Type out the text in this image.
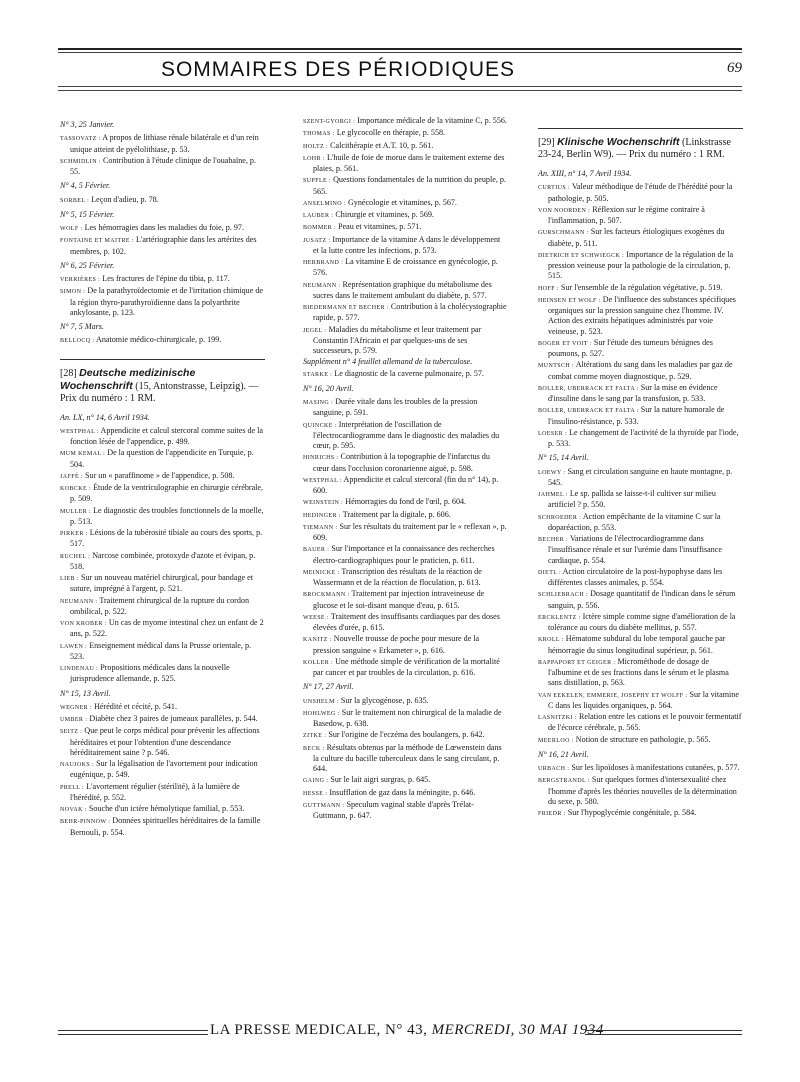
SOMMAIRES DES PÉRIODIQUES	69
N° 3, 25 Janvier.
TASSOVATZ : A propos de lithiase rénale bilatérale et d'un rein unique atteint de pyélolithiase, p. 53.
SCHMIDLIN : Contribution à l'étude clinique de l'ouabaïne, p. 55.
N° 4, 5 Février.
SORBEL : Leçon d'adieu, p. 78.
N° 5, 15 Février.
WOLF : Les hémorragies dans les maladies du foie, p. 97.
FONTAINE ET MAITRE : L'artériographie dans les artérites des membres, p. 102.
N° 6, 25 Février.
VERRIÈRES : Les fractures de l'épine du tibia, p. 117.
SIMON : De la parathyroïdectomie et de l'irritation chimique de la région thyro-parathyroïdienne dans la polyarthrite ankylosante, p. 123.
N° 7, 5 Mars.
BELLOCQ : Anatomie médico-chirurgicale, p. 199.
[28] Deutsche medizinische Wochenschrift (15, Antonstrasse, Leipzig). — Prix du numéro : 1 RM.
An. LX, n° 14, 6 Avril 1934.
WESTPHAL : Appendicite et calcul stercoral comme suites de la fonction lésée de l'appendice, p. 499.
MUM KEMAL : De la question de l'appendicite en Turquie, p. 504.
JAFFÉ : Sur un « paraffinome » de l'appendice, p. 508.
KOBCKE : Étude de la ventriculographie en chirurgie cérébrale, p. 509.
MULLER : Le diagnostic des troubles fonctionnels de la moelle, p. 513.
PIRKER : Lésions de la tubérosité tibiale au cours des sports, p. 517.
RUCHEL : Narcose combinée, protoxyde d'azote et évipan, p. 518.
LIEB : Sur un nouveau matériel chirurgical, pour bandage et suture, imprégné à l'argent, p. 521.
NEUMANN : Traitement chirurgical de la rupture du cordon ombilical, p. 522.
VON KROBER : Un cas de myome intestinal chez un enfant de 2 ans, p. 522.
LAWEN : Enseignement médical dans la Prusse orientale, p. 523.
LINDENAU : Propositions médicales dans la nouvelle jurisprudence allemande, p. 525.
N° 15, 13 Avril.
WEGNER : Hérédité et cécité, p. 541.
UMBER : Diabète chez 3 paires de jumeaux parallèles, p. 544.
SEITZ : Que peut le corps médical pour prévenir les affections héréditaires et pour l'obtention d'une descendance héréditairement saine ? p. 546.
NAUJOKS : Sur la légalisation de l'avortement pour indication eugénique, p. 549.
PRELL : L'avortement régulier (stérilité), à la lumière de l'hérédité, p. 552.
NOVAK : Souche d'un ictère hémolytique familial, p. 553.
BEHR-PINNOW : Données spirituelles héréditaires de la famille Bernouli, p. 554.
SZENT-GYORGI : Importance médicale de la vitamine C, p. 556.
THOMAS : Le glycocolle en thérapie, p. 558.
HOLTZ : Calcithérapie et A.T. 10, p. 561.
LOHR : L'huile de foie de morue dans le traitement externe des plaies, p. 561.
SUPFLE : Questions fondamentales de la nutrition du peuple, p. 565.
ANSELMINO : Gynécologie et vitamines, p. 567.
LAUBER : Chirurgie et vitamines, p. 569.
BOMMER : Peau et vitamines, p. 571.
JUSATZ : Importance de la vitamine A dans le développement et la lutte contre les infections, p. 573.
HERBRAND : La vitamine E de croissance en gynécologie, p. 576.
NEUMANN : Représentation graphique du métabolisme des sucres dans le traitement ambulant du diabète, p. 577.
BIEDERMANN ET BECHER : Contribution à la cholécystographie rapide, p. 577.
JEGEL : Maladies du métabolisme et leur traitement par Constantin l'Africain et par quelques-uns de ses successeurs, p. 579.
Supplément n° 4 feuillet allemand de la tuberculose.
STARKE : Le diagnostic de la caverne pulmonaire, p. 57.
N° 16, 20 Avril.
MASING : Durée vitale dans les troubles de la pression sanguine, p. 591.
QUINCKE : Interprétation de l'oscillation de l'électrocardiogramme dans le diagnostic des maladies du cœur, p. 595.
HINRICHS : Contribution à la topographie de l'infarctus du cœur dans l'occlusion coronarienne aiguë, p. 598.
WESTPHAL : Appendicite et calcul stercoral (fin du n° 14), p. 600.
WEINSTEIN : Hémorragies du fond de l'œil, p. 604.
HEDINGER : Traitement par la digitale, p. 606.
TIEMANN : Sur les résultats du traitement par le « reflexan », p. 609.
BAUER : Sur l'importance et la connaissance des recherches électro-cardiographiques pour le praticien, p. 611.
MEINICKE : Transcription des résultats de la réaction de Wassermann et de la réaction de floculation, p. 613.
BROCKMANN : Traitement par injection intraveineuse de glucose et le soi-disant manque d'eau, p. 615.
WEESE : Traitement des insuffisants cardiaques par des doses élevées d'urée, p. 615.
KANITZ : Nouvelle trousse de poche pour mesure de la pression sanguine « Erkameter », p. 616.
KOLLER : Une méthode simple de vérification de la mortalité par cancer et par troubles de la circulation, p. 616.
N° 17, 27 Avril.
UNSHELM : Sur la glycogénose, p. 635.
HOHLWEG : Sur le traitement non chirurgical de la maladie de Basedow, p. 638.
ZITKE : Sur l'origine de l'eczéma des boulangers, p. 642.
BECK : Résultats obtenus par la méthode de Lœwenstein dans la culture du bacille tuberculeux dans le sang circulant, p. 644.
GAING : Sur le lait aigri surgras, p. 645.
HESSE : Insufflation de gaz dans la méningite, p. 646.
GUTTMANN : Speculum vaginal stable d'après Trélat-Guttmann, p. 647.
[29] Klinische Wochenschrift (Linkstrasse 23-24, Berlin W9). — Prix du numéro : 1 RM.
An. XIII, n° 14, 7 Avril 1934.
CURTIUS : Valeur méthodique de l'étude de l'hérédité pour la pathologie, p. 505.
VON NOORDEN : Réflexion sur le régime contraire à l'inflammation, p. 507.
GURSCHMANN : Sur les facteurs étiologiques exogènes du diabète, p. 511.
DIETRICH ET SCHWIEGCK : Importance de la régulation de la pression veineuse pour la pathologie de la circulation, p. 515.
HOFF : Sur l'ensemble de la régulation végétative, p. 519.
HEINSEN ET WOLF : De l'influence des substances spécifiques organiques sur la pression sanguine chez l'homme. IV. Action des extraits hépatiques administrés par voie veineuse, p. 523.
BOGER ET VOIT : Sur l'étude des tumeurs bénignes des poumons, p. 527.
MUNTSCH : Altérations du sang dans les maladies par gaz de combat comme moyen diagnostique, p. 529.
BOLLER, UBERRACK ET FALTA : Sur la mise en évidence d'insuline dans le sang par la transfusion, p. 533.
BOLLER, UBERRACK ET FALTA : Sur la nature humorale de l'insulino-résistance, p. 533.
LOESER : Le changement de l'activité de la thyroïde par l'iode, p. 533.
N° 15, 14 Avril.
LOEWY : Sang et circulation sanguine en haute montagne, p. 545.
JAHMEL : Le sp. pallida se laisse-t-il cultiver sur milieu artificiel ? p. 550.
SCHROEDER : Action empêchante de la vitamine C sur la doparéaction, p. 553.
BECHER : Variations de l'électrocardiogramme dans l'insuffisance rénale et sur l'urémie dans l'insuffisance cardiaque, p. 554.
DIETL : Action circulatoire de la post-hypophyse dans les différentes classes animales, p. 554.
SCHLIEBRACH : Dosage quantitatif de l'indican dans le sérum sanguin, p. 556.
ERCKLENTZ : Ictère simple comme signe d'amélioration de la tolérance au cours du diabète mellitus, p. 557.
KROLL : Hématome subdural du lobe temporal gauche par hémorragie du sinus longitudinal supérieur, p. 561.
RAPPAPORT ET GEIGER : Microméthode de dosage de l'albumine et de ses fractions dans le sérum et le plasma sans distillation, p. 563.
VAN EEKELEN, EMMERIE, JOSEPHY ET WOLFF : Sur la vitamine C dans les liquides organiques, p. 564.
LASNITZKI : Relation entre les cations et le pouvoir fermentatif de l'écorce cérébrale, p. 565.
MEERLOO : Notion de structure en pathologie, p. 565.
N° 16, 21 Avril.
URBACH : Sur les lipoïdoses à manifestations cutanées, p. 577.
BERGSTRANDL : Sur quelques formes d'intersexualité chez l'homme d'après les théories nouvelles de la détermination du sexe, p. 580.
FRIEDR : Sur l'hypoglycémie congénitale, p. 584.
LA PRESSE MEDICALE, N° 43, MERCREDI, 30 MAI 1934
